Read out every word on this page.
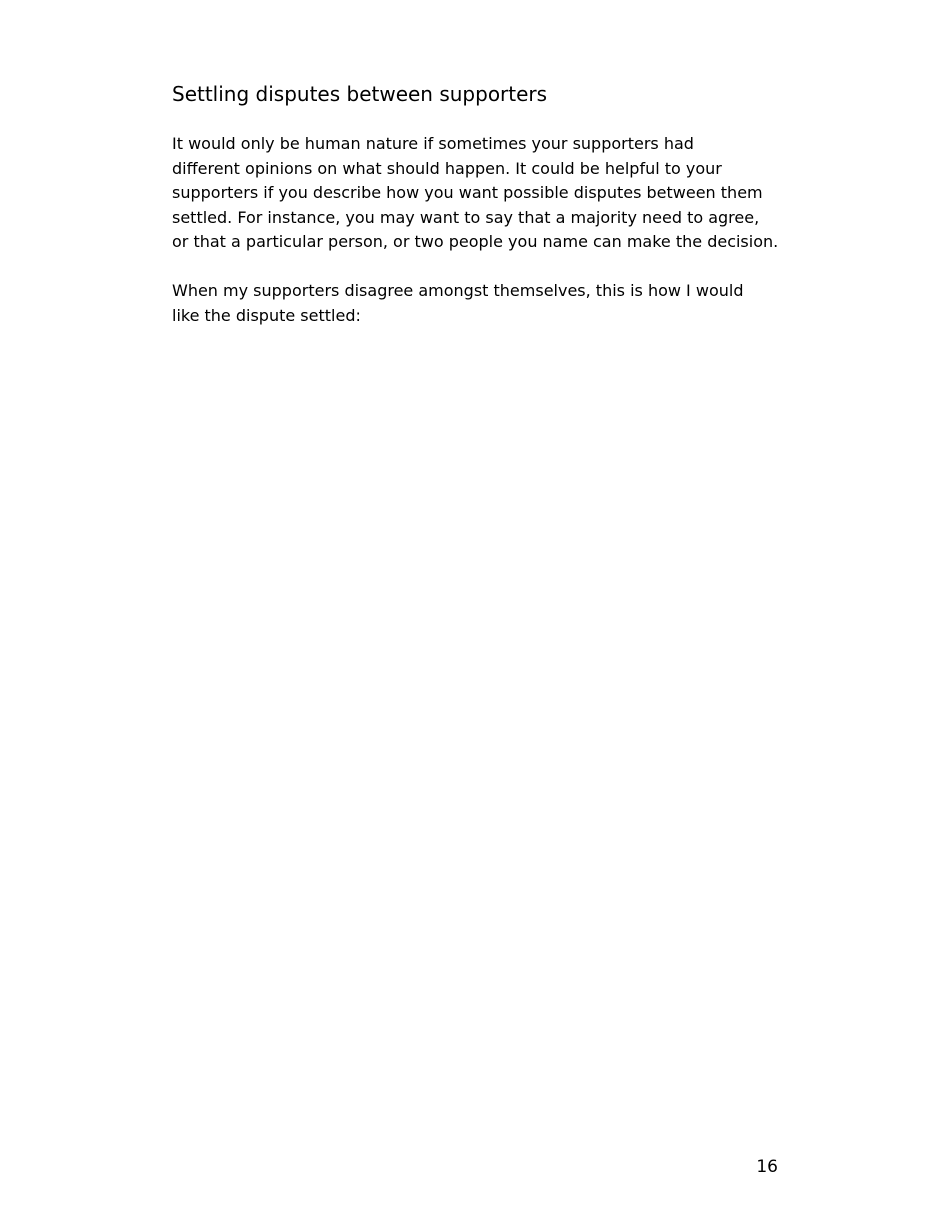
Settling disputes between supporters

It would only be human nature if sometimes your supporters had
different opinions on what should happen. It could be helpful to your
supporters if you describe how you want possible disputes between them
settled. For instance, you may want to say that a majority need to agree,
or that a particular person, or two people you name can make the decision.

When my supporters disagree amongst themselves, this is how I would
like the dispute settled:

16
